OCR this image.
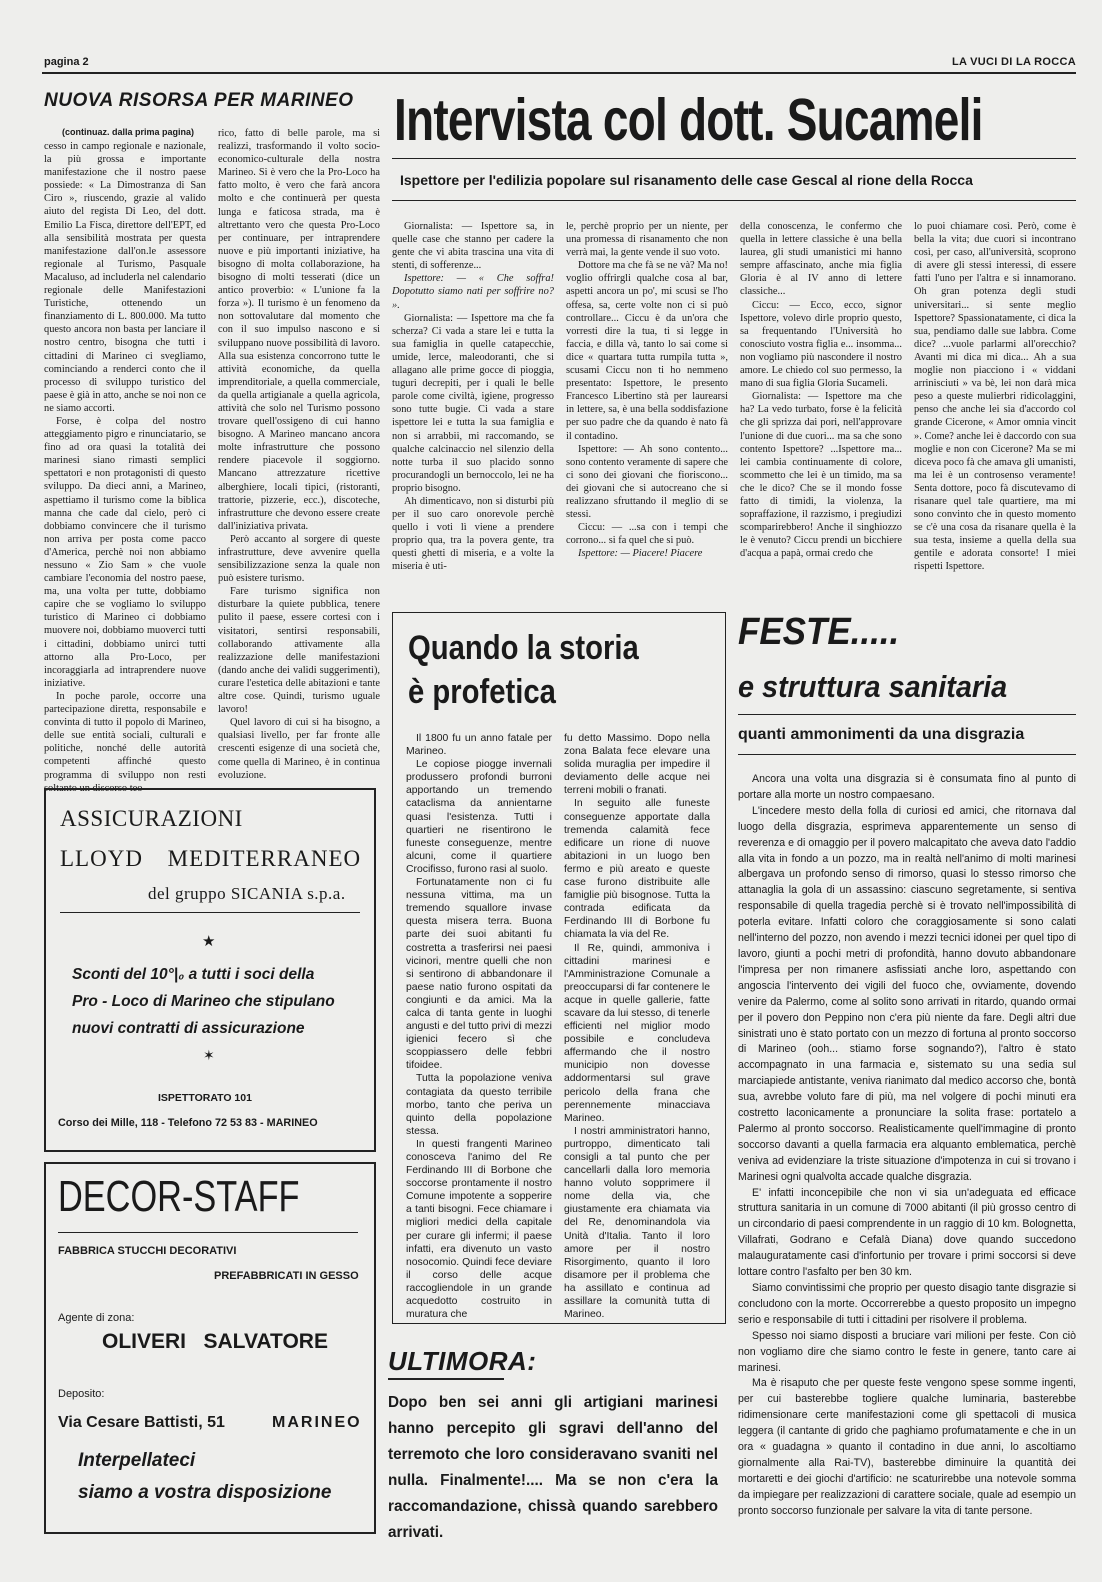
pagina 2	LA VUCI DI LA ROCCA
NUOVA RISORSA PER MARINEO
(continuaz. dalla prima pagina)

cesso in campo regionale e nazionale, la più grossa e importante manifestazione che il nostro paese possiede: « La Dimostranza di San Ciro », riuscendo, grazie al valido aiuto del regista Di Leo, del dott. Emilio La Fisca, direttore dell'EPT, ed alla sensibilità mostrata per questa manifestazione dall'on.le assessore regionale al Turismo, Pasquale Macaluso, ad includerla nel calendario regionale delle Manifestazioni Turistiche, ottenendo un finanziamento di L. 800.000. Ma tutto questo ancora non basta per lanciare il nostro centro, bisogna che tutti i cittadini di Marineo ci svegliamo, cominciando a renderci conto che il processo di sviluppo turistico del paese è già in atto, anche se noi non ce ne siamo accorti.

Forse, è colpa del nostro atteggiamento pigro e rinunciatario, se fino ad ora quasi la totalità dei marinesi siano rimasti semplici spettatori e non protagonisti di questo sviluppo. Da dieci anni, a Marineo, aspettiamo il turismo come la biblica manna che cade dal cielo, però ci dobbiamo convincere che il turismo non arriva per posta come pacco d'America, perchè noi non abbiamo nessuno « Zio Sam » che vuole cambiare l'economia del nostro paese, ma, una volta per tutte, dobbiamo capire che se vogliamo lo sviluppo turistico di Marineo ci dobbiamo muovere noi, dobbiamo muoverci tutti i cittadini, dobbiamo unirci tutti attorno alla Pro-Loco, per incoraggiarla ad intraprendere nuove iniziative.

In poche parole, occorre una partecipazione diretta, responsabile e convinta di tutto il popolo di Marineo, delle sue entità sociali, culturali e politiche, nonché delle autorità competenti affinché questo programma di sviluppo non resti soltanto un discorso teo-

rico, fatto di belle parole, ma si realizzi, trasformando il volto socio-economico-culturale della nostra Marineo. Si è vero che la Pro-Loco ha fatto molto, è vero che farà ancora molto e che continuerà per questa lunga e faticosa strada, ma è altrettanto vero che questa Pro-Loco per continuare, per intraprendere nuove e più importanti iniziative, ha bisogno di molta collaborazione, ha bisogno di molti tesserati (dice un antico proverbio: « L'unione fa la forza »). Il turismo è un fenomeno da non sottovalutare dal momento che con il suo impulso nascono e si sviluppano nuove possibilità di lavoro. Alla sua esistenza concorrono tutte le attività economiche, da quella imprenditoriale, a quella commerciale, da quella artigianale a quella agricola, attività che solo nel Turismo possono trovare quell'ossigeno di cui hanno bisogno. A Marineo mancano ancora molte infrastrutture che possono rendere piacevole il soggiorno. Mancano attrezzature ricettive alberghiere, locali tipici, (ristoranti, trattorie, pizzerie, ecc.), discoteche, infrastrutture che devono essere create dall'iniziativa privata.

Però accanto al sorgere di queste infrastrutture, deve avvenire quella sensibilizzazione senza la quale non può esistere turismo.

Fare turismo significa non disturbare la quiete pubblica, tenere pulito il paese, essere cortesi con i visitatori, sentirsi responsabili, collaborando attivamente alla realizzazione delle manifestazioni (dando anche dei validi suggerimenti), curare l'estetica delle abitazioni e tante altre cose. Quindi, turismo uguale lavoro!

Quel lavoro di cui si ha bisogno, a qualsiasi livello, per far fronte alle crescenti esigenze di una società che, come quella di Marineo, è in continua evoluzione.

Intervista col dott. Sucameli
Ispettore per l'edilizia popolare sul risanamento delle case Gescal al rione della Rocca

Giornalista: — Ispettore sa, in quelle case che stanno per cadere la gente che vi abita trascina una vita di stenti, di sofferenze...

Ispettore: — « Che soffra! Dopotutto siamo nati per soffrire no? ».

Giornalista: — Ispettore ma che fa scherza? Ci vada a stare lei e tutta la sua famiglia in quelle catapecchie, umide, lerce, maleodoranti, che si allagano alle prime gocce di pioggia, tuguri decrepiti, per i quali le belle parole come civiltà, igiene, progresso sono tutte bugie. Ci vada a stare ispettore lei e tutta la sua famiglia e non si arrabbii, mi raccomando, se qualche calcinaccio nel silenzio della notte turba il suo placido sonno procurandogli un bernoccolo, lei ne ha proprio bisogno.

Ah dimenticavo, non si disturbi più per il suo caro onorevole perchè quello i voti lì viene a prendere proprio qua, tra la povera gente, tra questi ghetti di miseria, e a volte la miseria è uti-

le, perchè proprio per un niente, per una promessa di risanamento che non verrà mai, la gente vende il suo voto.

Dottore ma che fà se ne và? Ma no! voglio offrirgli qualche cosa al bar, aspetti ancora un po', mi scusi se l'ho offesa, sa, certe volte non ci si può controllare... Ciccu è da un'ora che vorresti dire la tua, ti si legge in faccia, e dilla và, tanto lo sai come si dice « quartara tutta rumpila tutta », scusami Ciccu non ti ho nemmeno presentato: Ispettore, le presento Francesco Libertino stà per laurearsi in lettere, sa, è una bella soddisfazione per suo padre che da quando è nato fà il contadino.

Ispettore: — Ah sono contento... sono contento veramente di sapere che ci sono dei giovani che fioriscono... dei giovani che si autocreano che si realizzano sfruttando il meglio di se stessi.

Ciccu: — ...sa con i tempi che corrono... si fa quel che si può.

Ispettore: — Piacere! Piacere

della conoscenza, le confermo che quella in lettere classiche è una bella laurea, gli studi umanistici mi hanno sempre affascinato, anche mia figlia Gloria è al IV anno di lettere classiche...

Ciccu: — Ecco, ecco, signor Ispettore, volevo dirle proprio questo, sa frequentando l'Università ho conosciuto vostra figlia e... insomma... non vogliamo più nascondere il nostro amore. Le chiedo col suo permesso, la mano di sua figlia Gloria Sucameli.

Giornalista: — Ispettore ma che ha? La vedo turbato, forse è la felicità che gli sprizza dai pori, nell'approvare l'unione di due cuori... ma sa che sono contento Ispettore? ...Ispettore ma... lei cambia continuamente di colore, scommetto che lei è un timido, ma sa che le dico? Che se il mondo fosse fatto di timidi, la violenza, la sopraffazione, il razzismo, i pregiudizi scomparirebbero! Anche il singhiozzo le è venuto? Ciccu prendi un bicchiere d'acqua a papà, ormai credo che

lo puoi chiamare così. Però, come è bella la vita; due cuori si incontrano così, per caso, all'università, scoprono di avere gli stessi interessi, di essere fatti l'uno per l'altra e si innamorano. Oh gran potenza degli studi universitari... si sente meglio Ispettore? Spassionatamente, ci dica la sua, pendiamo dalle sue labbra. Come dice? ...vuole parlarmi all'orecchio? Avanti mi dica mi dica... Ah a sua moglie non piacciono i « viddani arrinisciuti » va bè, lei non darà mica peso a queste mulierbri ridicolaggini, penso che anche lei sia d'accordo col grande Cicerone, « Amor omnia vincit ». Come? anche lei è daccordo con sua moglie e non con Cicerone? Ma se mi diceva poco fà che amava gli umanisti, ma lei è un controsenso veramente! Senta dottore, poco fà discutevamo di risanare quel tale quartiere, ma mi sono convinto che in questo momento se c'è una cosa da risanare quella è la sua testa, insieme a quella della sua gentile e adorata consorte! I miei rispetti Ispettore.

Quando la storia
è profetica

Il 1800 fu un anno fatale per Marineo.

Le copiose piogge invernali produssero profondi burroni apportando un tremendo cataclisma da annientarne quasi l'esistenza. Tutti i quartieri ne risentirono le funeste conseguenze, mentre alcuni, come il quartiere Crocifisso, furono rasi al suolo.

Fortunatamente non ci fu nessuna vittima, ma un tremendo squallore invase questa misera terra. Buona parte dei suoi abitanti fu costretta a trasferirsi nei paesi vicinori, mentre quelli che non si sentirono di abbandonare il paese natio furono ospitati da congiunti e da amici. Ma la calca di tanta gente in luoghi angusti e del tutto privi di mezzi igienici fecero sì che scoppiassero delle febbri tifoidee.

Tutta la popolazione veniva contagiata da questo terribile morbo, tanto che periva un quinto della popolazione stessa.

In questi frangenti Marineo conosceva l'animo del Re Ferdinando III di Borbone che soccorse prontamente il nostro Comune impotente a sopperire a tanti bisogni. Fece chiamare i migliori medici della capitale per curare gli infermi; il paese infatti, era divenuto un vasto nosocomio. Quindi fece deviare il corso delle acque raccogliendole in un grande acquedotto costruito in muratura che

fu detto Massimo. Dopo nella zona Balata fece elevare una solida muraglia per impedire il deviamento delle acque nei terreni mobili o franati.

In seguito alle funeste conseguenze apportate dalla tremenda calamità fece edificare un rione di nuove abitazioni in un luogo ben fermo e più areato e queste case furono distribuite alle famiglie più bisognose. Tutta la contrada edificata da Ferdinando III di Borbone fu chiamata la via del Re.

Il Re, quindi, ammoniva i cittadini marinesi e l'Amministrazione Comunale a preoccuparsi di far contenere le acque in quelle gallerie, fatte scavare da lui stesso, di tenerle efficienti nel miglior modo possibile e concludeva affermando che il nostro municipio non dovesse addormentarsi sul grave pericolo della frana che perennemente minacciava Marineo.

I nostri amministratori hanno, purtroppo, dimenticato tali consigli a tal punto che per cancellarli dalla loro memoria hanno voluto sopprimere il nome della via, che giustamente era chiamata via del Re, denominandola via Unità d'Italia. Tanto il loro amore per il nostro Risorgimento, quanto il loro disamore per il problema che ha assillato e continua ad assillare la comunità tutta di Marineo.

ULTIMORA:
Dopo ben sei anni gli artigiani marinesi hanno percepito gli sgravi dell'anno del terremoto che loro consideravano svaniti nel nulla. Finalmente!.... Ma se non c'era la raccomandazione, chissà quando sarebbero arrivati.
FESTE.....
e struttura sanitaria
quanti ammonimenti da una disgrazia

Ancora una volta una disgrazia si è consumata fino al punto di portare alla morte un nostro compaesano.

L'incedere mesto della folla di curiosi ed amici, che ritornava dal luogo della disgrazia, esprimeva apparentemente un senso di reverenza e di omaggio per il povero malcapitato che aveva dato l'addio alla vita in fondo a un pozzo, ma in realtà nell'animo di molti marinesi albergava un profondo senso di rimorso, quasi lo stesso rimorso che attanaglia la gola di un assassino: ciascuno segretamente, si sentiva responsabile di quella tragedia perchè si è trovato nell'impossibilità di poterla evitare. Infatti coloro che coraggiosamente si sono calati nell'interno del pozzo, non avendo i mezzi tecnici idonei per quel tipo di lavoro, giunti a pochi metri di profondità, hanno dovuto abbandonare l'impresa per non rimanere asfissiati anche loro, aspettando con angoscia l'intervento dei vigili del fuoco che, ovviamente, dovendo venire da Palermo, come al solito sono arrivati in ritardo, quando ormai per il povero don Peppino non c'era più niente da fare. Degli altri due sinistrati uno è stato portato con un mezzo di fortuna al pronto soccorso di Marineo (ooh... stiamo forse sognando?), l'altro è stato accompagnato in una farmacia e, sistemato su una sedia sul marciapiede antistante, veniva rianimato dal medico accorso che, bontà sua, avrebbe voluto fare di più, ma nel volgere di pochi minuti era costretto laconicamente a pronunciare la solita frase: portatelo a Palermo al pronto soccorso. Realisticamente quell'immagine di pronto soccorso davanti a quella farmacia era alquanto emblematica, perchè veniva ad evidenziare la triste situazione d'impotenza in cui si trovano i Marinesi ogni qualvolta accade qualche disgrazia.

E' infatti inconcepibile che non vi sia un'adeguata ed efficace struttura sanitaria in un comune di 7000 abitanti (il più grosso centro di un circondario di paesi comprendente in un raggio di 10 km. Bolognetta, Villafrati, Godrano e Cefalà Diana) dove quando succedono malauguratamente casi d'infortunio per trovare i primi soccorsi si deve lottare contro l'asfalto per ben 30 km.

Siamo convintissimi che proprio per questo disagio tante disgrazie si concludono con la morte. Occorrerebbe a questo proposito un impegno serio e responsabile di tutti i cittadini per risolvere il problema.

Spesso noi siamo disposti a bruciare vari milioni per feste. Con ciò non vogliamo dire che siamo contro le feste in genere, tanto care ai marinesi.

Ma è risaputo che per queste feste vengono spese somme ingenti, per cui basterebbe togliere qualche luminaria, basterebbe ridimensionare certe manifestazioni come gli spettacoli di musica leggera (il cantante di grido che paghiamo profumatamente e che in un ora « guadagna » quanto il contadino in due anni, lo ascoltiamo giornalmente alla Rai-TV), basterebbe diminuire la quantità dei mortaretti e dei giochi d'artificio: ne scaturirebbe una notevole somma da impiegare per realizzazioni di carattere sociale, quale ad esempio un pronto soccorso funzionale per salvare la vita di tante persone.

ASSICURAZIONI
LLOYD MEDITERRANEO
del gruppo SICANIA s.p.a.
★
Sconti del 10°|₀ a tutti i soci della
Pro - Loco di Marineo che stipulano
nuovi contratti di assicurazione
✶
ISPETTORATO 101
Corso dei Mille, 118 - Telefono 72 53 83 - MARINEO
DECOR-STAFF
FABBRICA STUCCHI DECORATIVI
PREFABBRICATI IN GESSO
Agente di zona:
OLIVERI   SALVATORE
Deposito:
Via Cesare Battisti, 51	MARINEO
Interpellateci
siamo a vostra disposizione
